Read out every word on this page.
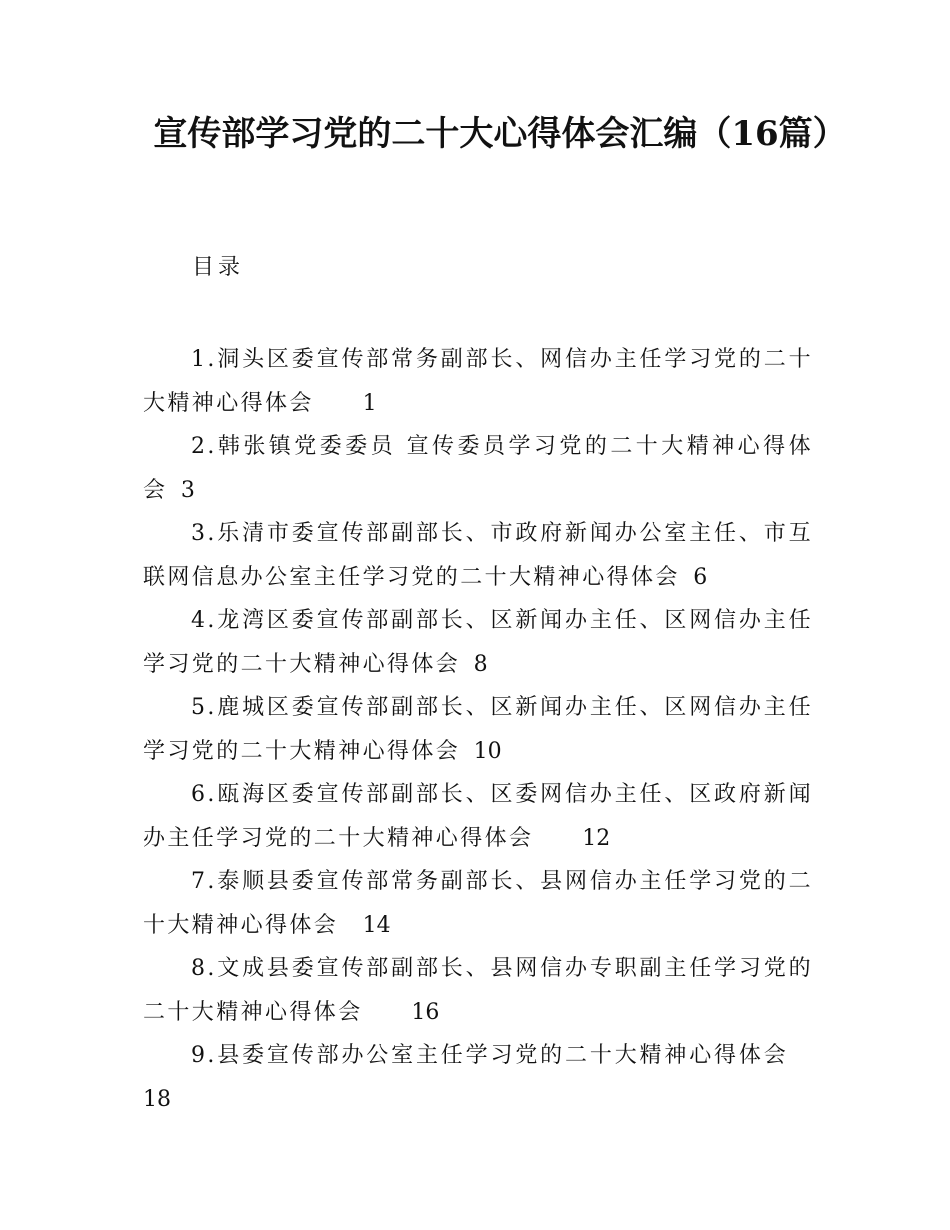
宣传部学习党的二十大心得体会汇编（16篇）
目录
1.洞头区委宣传部常务副部长、网信办主任学习党的二十大精神心得体会   1
2.韩张镇党委委员 宣传委员学习党的二十大精神心得体会  3
3.乐清市委宣传部副部长、市政府新闻办公室主任、市互联网信息办公室主任学习党的二十大精神心得体会  6
4.龙湾区委宣传部副部长、区新闻办主任、区网信办主任学习党的二十大精神心得体会  8
5.鹿城区委宣传部副部长、区新闻办主任、区网信办主任学习党的二十大精神心得体会  10
6.瓯海区委宣传部副部长、区委网信办主任、区政府新闻办主任学习党的二十大精神心得体会   12
7.泰顺县委宣传部常务副部长、县网信办主任学习党的二十大精神心得体会  14
8.文成县委宣传部副部长、县网信办专职副主任学习党的二十大精神心得体会   16
9.县委宣传部办公室主任学习党的二十大精神心得体会 18
